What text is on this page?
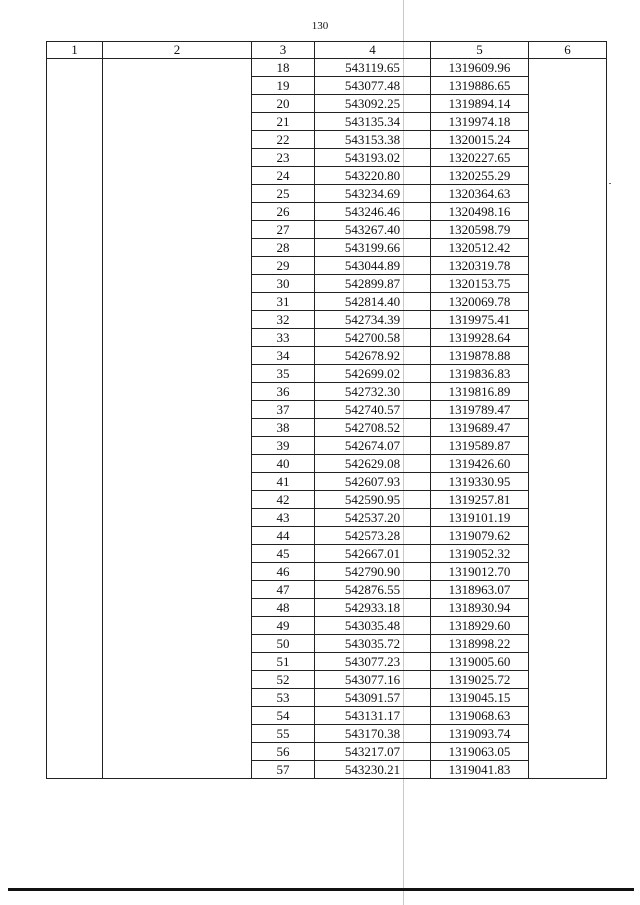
130
1	2	3	4	5	6
		18	543119.65	1319609.96	
		19	543077.48	1319886.65	
		20	543092.25	1319894.14	
		21	543135.34	1319974.18	
		22	543153.38	1320015.24	
		23	543193.02	1320227.65	
		24	543220.80	1320255.29	
		25	543234.69	1320364.63	
		26	543246.46	1320498.16	
		27	543267.40	1320598.79	
		28	543199.66	1320512.42	
		29	543044.89	1320319.78	
		30	542899.87	1320153.75	
		31	542814.40	1320069.78	
		32	542734.39	1319975.41	
		33	542700.58	1319928.64	
		34	542678.92	1319878.88	
		35	542699.02	1319836.83	
		36	542732.30	1319816.89	
		37	542740.57	1319789.47	
		38	542708.52	1319689.47	
		39	542674.07	1319589.87	
		40	542629.08	1319426.60	
		41	542607.93	1319330.95	
		42	542590.95	1319257.81	
		43	542537.20	1319101.19	
		44	542573.28	1319079.62	
		45	542667.01	1319052.32	
		46	542790.90	1319012.70	
		47	542876.55	1318963.07	
		48	542933.18	1318930.94	
		49	543035.48	1318929.60	
		50	543035.72	1318998.22	
		51	543077.23	1319005.60	
		52	543077.16	1319025.72	
		53	543091.57	1319045.15	
		54	543131.17	1319068.63	
		55	543170.38	1319093.74	
		56	543217.07	1319063.05	
		57	543230.21	1319041.83	
